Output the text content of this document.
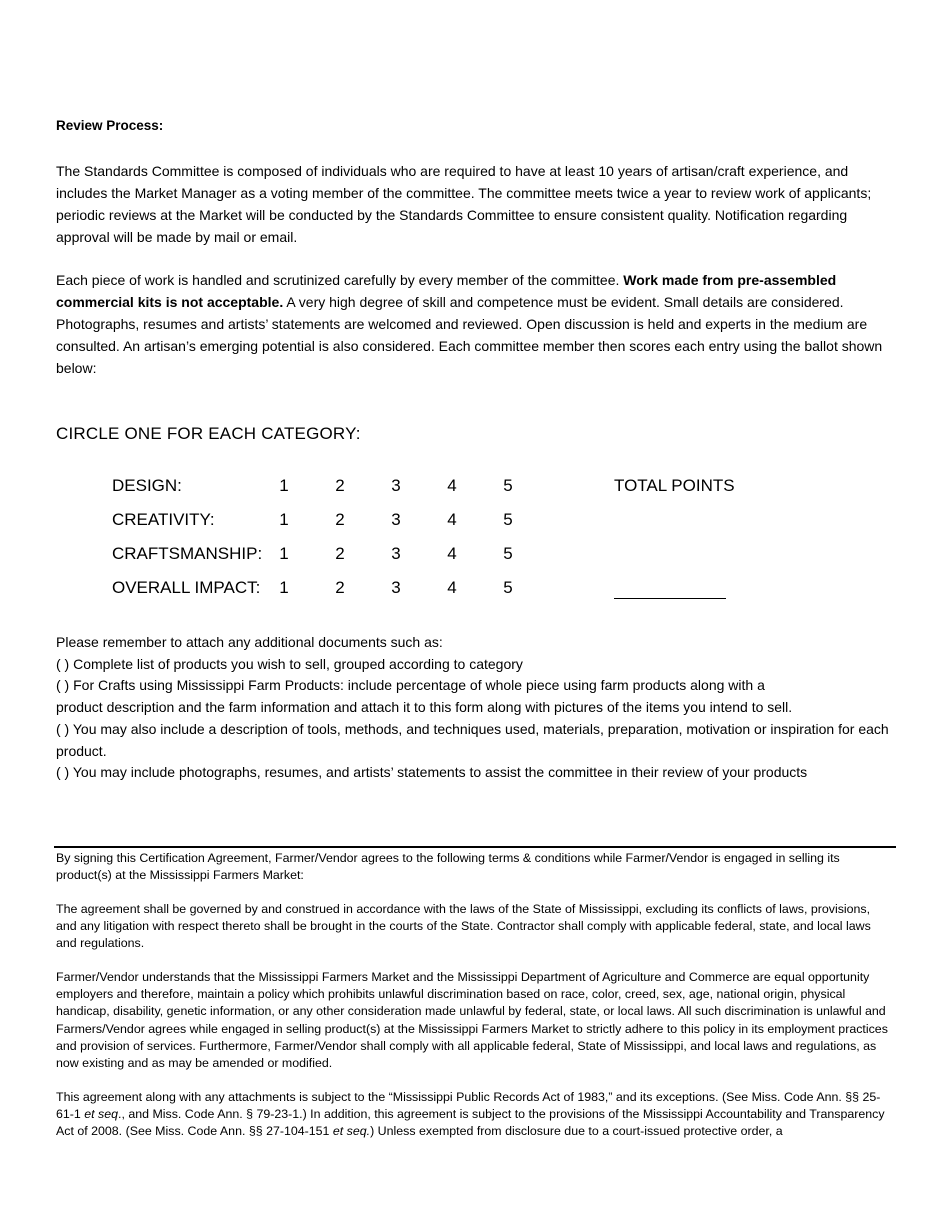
Review Process:

The Standards Committee is composed of individuals who are required to have at least 10 years of artisan/craft experience, and includes the Market Manager as a voting member of the committee. The committee meets twice a year to review work of applicants; periodic reviews at the Market will be conducted by the Standards Committee to ensure consistent quality. Notification regarding approval will be made by mail or email.

Each piece of work is handled and scrutinized carefully by every member of the committee. Work made from pre-assembled commercial kits is not acceptable. A very high degree of skill and competence must be evident. Small details are considered. Photographs, resumes and artists’ statements are welcomed and reviewed. Open discussion is held and experts in the medium are consulted. An artisan’s emerging potential is also considered. Each committee member then scores each entry using the ballot shown below:

CIRCLE ONE FOR EACH CATEGORY:

Please remember to attach any additional documents such as:

( ) Complete list of products you wish to sell, grouped according to category

( ) For Crafts using Mississippi Farm Products: include percentage of whole piece using farm products along with a

product description and the farm information and attach it to this form along with pictures of the items you intend to sell.

( ) You may also include a description of tools, methods, and techniques used, materials, preparation, motivation or inspiration for each product.

( ) You may include photographs, resumes, and artists’ statements to assist the committee in their review of your products

By signing this Certification Agreement, Farmer/Vendor agrees to the following terms & conditions while Farmer/Vendor is engaged in selling its product(s) at the Mississippi Farmers Market:

The agreement shall be governed by and construed in accordance with the laws of the State of Mississippi, excluding its conflicts of laws, provisions, and any litigation with respect thereto shall be brought in the courts of the State. Contractor shall comply with applicable federal, state, and local laws and regulations.

Farmer/Vendor understands that the Mississippi Farmers Market and the Mississippi Department of Agriculture and Commerce are equal opportunity employers and therefore, maintain a policy which prohibits unlawful discrimination based on race, color, creed, sex, age, national origin, physical handicap, disability, genetic information, or any other consideration made unlawful by federal, state, or local laws. All such discrimination is unlawful and Farmers/Vendor agrees while engaged in selling product(s) at the Mississippi Farmers Market to strictly adhere to this policy in its employment practices and provision of services. Furthermore, Farmer/Vendor shall comply with all applicable federal, State of Mississippi, and local laws and regulations, as now existing and as may be amended or modified.

This agreement along with any attachments is subject to the “Mississippi Public Records Act of 1983,” and its exceptions. (See Miss. Code Ann. §§ 25-61-1 et seq., and Miss. Code Ann. § 79-23-1.) In addition, this agreement is subject to the provisions of the Mississippi Accountability and Transparency Act of 2008. (See Miss. Code Ann. §§ 27-104-151 et seq.) Unless exempted from disclosure due to a court-issued protective order, a

DESIGN:	1	2	3	4	5	TOTAL POINTS
CREATIVITY:	1	2	3	4	5
CRAFTSMANSHIP:	1	2	3	4	5
OVERALL IMPACT:	1	2	3	4	5
